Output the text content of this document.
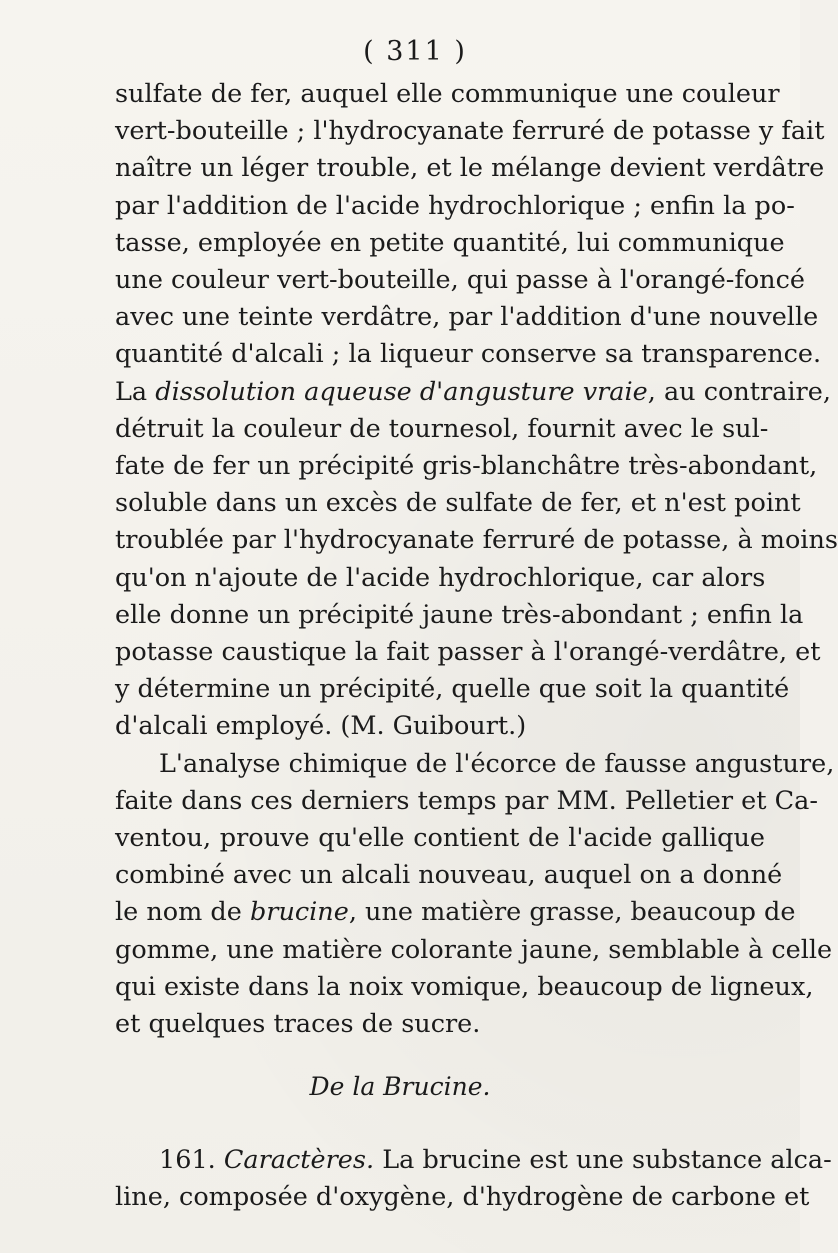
( 311 )
sulfate de fer, auquel elle communique une couleur
vert-bouteille ; l'hydrocyanate ferruré de potasse y fait
naître un léger trouble, et le mélange devient verdâtre
par l'addition de l'acide hydrochlorique ; enfin la po-
tasse, employée en petite quantité, lui communique
une couleur vert-bouteille, qui passe à l'orangé-foncé
avec une teinte verdâtre, par l'addition d'une nouvelle
quantité d'alcali ; la liqueur conserve sa transparence.
La dissolution aqueuse d'angusture vraie, au contraire,
détruit la couleur de tournesol, fournit avec le sul-
fate de fer un précipité gris-blanchâtre très-abondant,
soluble dans un excès de sulfate de fer, et n'est point
troublée par l'hydrocyanate ferruré de potasse, à moins
qu'on n'ajoute de l'acide hydrochlorique, car alors
elle donne un précipité jaune très-abondant ; enfin la
potasse caustique la fait passer à l'orangé-verdâtre, et
y détermine un précipité, quelle que soit la quantité
d'alcali employé. (M. Guibourt.)
L'analyse chimique de l'écorce de fausse angusture,
faite dans ces derniers temps par MM. Pelletier et Ca-
ventou, prouve qu'elle contient de l'acide gallique
combiné avec un alcali nouveau, auquel on a donné
le nom de brucine, une matière grasse, beaucoup de
gomme, une matière colorante jaune, semblable à celle
qui existe dans la noix vomique, beaucoup de ligneux,
et quelques traces de sucre.
De la Brucine.
161. Caractères. La brucine est une substance alca-
line, composée d'oxygène, d'hydrogène de carbone et
